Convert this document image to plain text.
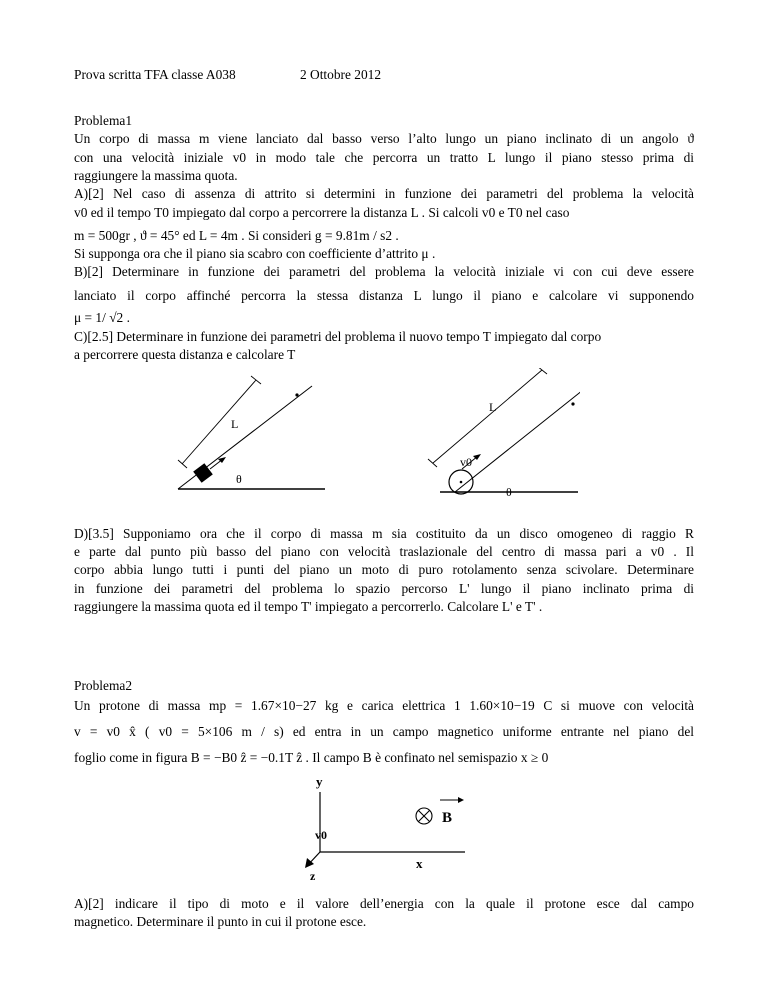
Prova scritta TFA classe A038	2 Ottobre 2012
Problema1
Un corpo di massa m viene lanciato dal basso verso l’alto lungo un piano inclinato di un angolo ϑ
con una velocità iniziale v0 in modo tale che percorra un tratto L lungo il piano stesso prima di
raggiungere la massima quota.
A)[2] Nel caso di assenza di attrito si determini in funzione dei parametri del problema la velocità
v0 ed il tempo T0 impiegato dal corpo a percorrere la distanza L . Si calcoli v0 e T0 nel caso
m = 500gr , ϑ = 45° ed L = 4m . Si consideri g = 9.81m / s2 .
Si supponga ora che il piano sia scabro con coefficiente d’attrito μ .
B)[2] Determinare in funzione dei parametri del problema la velocità iniziale vi con cui deve essere
lanciato il corpo affinché percorra la stessa distanza L lungo il piano e calcolare vi supponendo
μ = 1/ √2 .
C)[2.5] Determinare in funzione dei parametri del problema il nuovo tempo T impiegato dal corpo
a percorrere questa distanza e calcolare T
L
θ
L
v0
θ
D)[3.5] Supponiamo ora che il corpo di massa m sia costituito da un disco omogeneo di raggio R
e parte dal punto più basso del piano con velocità traslazionale del centro di massa pari a v0 . Il
corpo abbia lungo tutti i punti del piano un moto di puro rotolamento senza scivolare. Determinare
in funzione dei parametri del problema lo spazio percorso L' lungo il piano inclinato prima di
raggiungere la massima quota ed il tempo T' impiegato a percorrerlo. Calcolare L' e T' .
Problema2
Un protone di massa mp = 1.67×10−27 kg e carica elettrica 1 1.60×10−19 C si muove con velocità
v = v0 x̂ ( v0 = 5×106 m / s) ed entra in un campo magnetico uniforme entrante nel piano del
foglio come in figura B = −B0 ẑ = −0.1T ẑ . Il campo B è confinato nel semispazio x ≥ 0
y
x
z
v0
B
A)[2] indicare il tipo di moto e il valore dell’energia con la quale il protone esce dal campo
magnetico. Determinare il punto in cui il protone esce.
